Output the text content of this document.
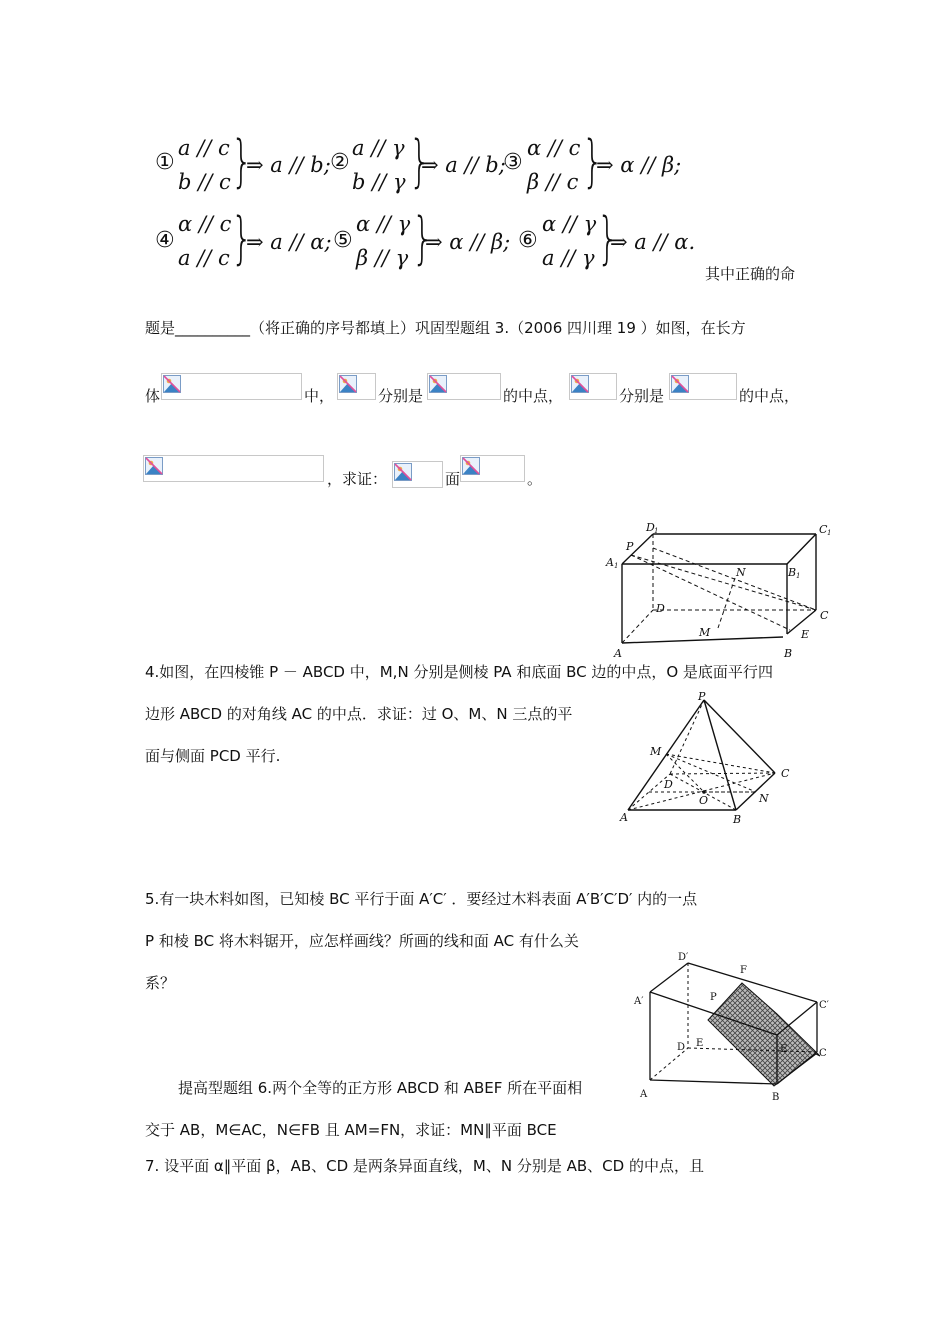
①
a // c
b // c }
⇒ a // b; ②
a // γ
b // γ }
⇒ a // b;
③
α // c
β // c }
⇒ α // β;
④
α // c
a // c }
⇒ a // α; ⑤
α // γ
β // γ }
⇒ α // β; ⑥
α // γ
a // γ }
⇒ a // α.
其中正确的命
题是__________（将正确的序号都填上）巩固型题组 3.（2006 四川理 19 ）如图，在长方
体	中，	分别是	的中点，	分别是	的中点，
，求证：	面	。
D 1	C 1
P
A 1	N	B 1
D
C
M	E
A	B
4.如图，在四棱锥 P － ABCD 中，M,N 分别是侧棱 PA 和底面 BC 边的中点，O 是底面平行四
边形 ABCD 的对角线 AC 的中点．求证：过 O、M、N 三点的平
面与侧面 PCD 平行.
P
M
C
D
O	N
A	B
5.有一块木料如图，已知棱 BC 平行于面 A′C′ ．要经过木料表面 A′B′C′D′ 内的一点
P 和棱 BC 将木料锯开，应怎样画线？所画的线和面 AC 有什么关
系？
D′
F
A′	P
C′
D E
E	C
A	B
提高型题组 6.两个全等的正方形 ABCD 和 ABEF 所在平面相
交于 AB，M∈AC，N∈FB 且 AM=FN，求证：MN∥平面 BCE
7. 设平面 α∥平面 β，AB、CD 是两条异面直线，M、N 分别是 AB、CD 的中点，且
